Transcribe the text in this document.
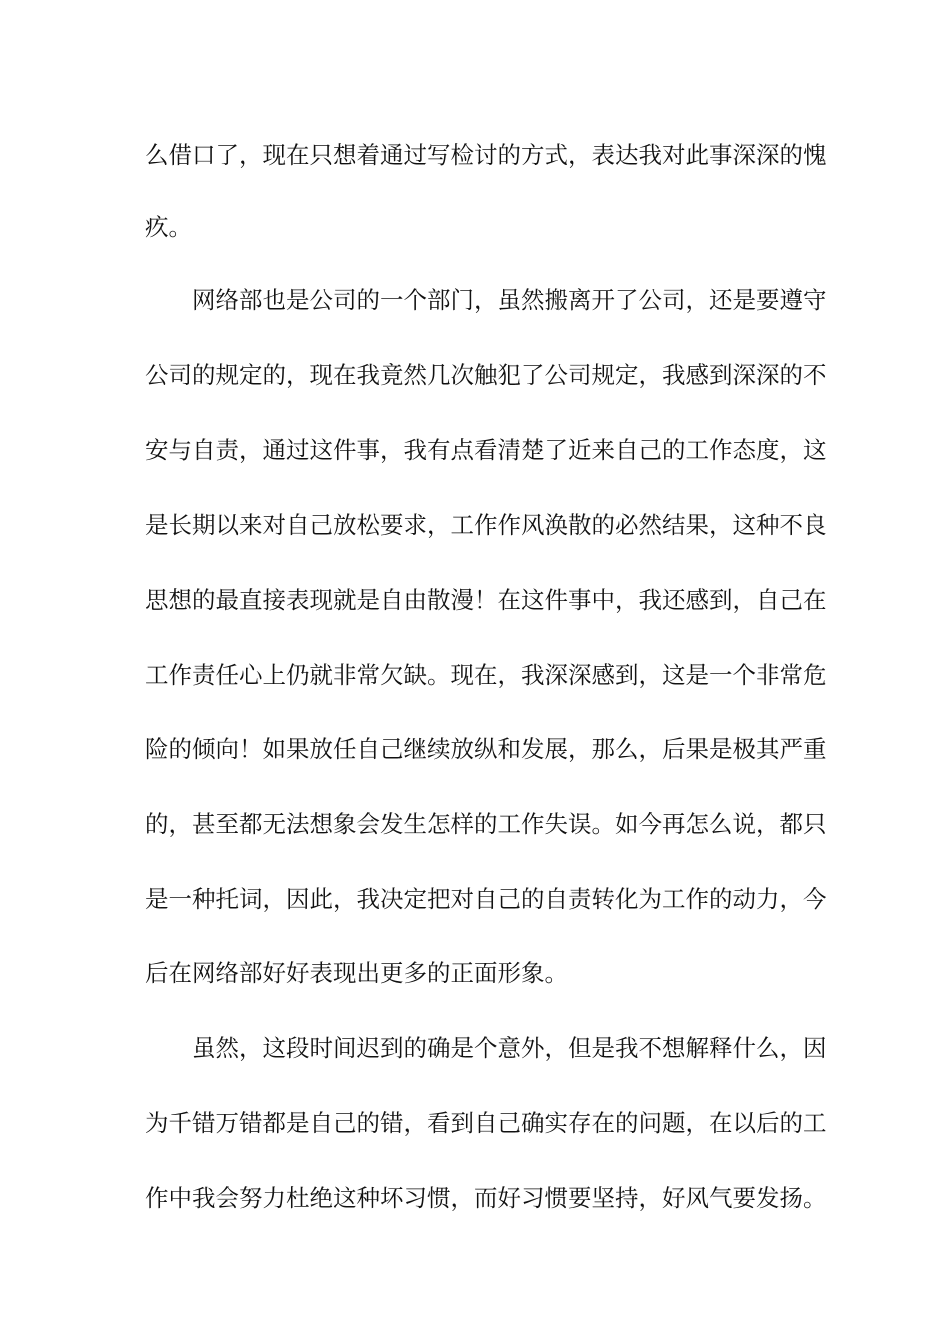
么借口了，现在只想着通过写检讨的方式，表达我对此事深深的愧
疚。
网络部也是公司的一个部门，虽然搬离开了公司，还是要遵守
公司的规定的，现在我竟然几次触犯了公司规定，我感到深深的不
安与自责，通过这件事，我有点看清楚了近来自己的工作态度，这
是长期以来对自己放松要求，工作作风涣散的必然结果，这种不良
思想的最直接表现就是自由散漫！在这件事中，我还感到，自己在
工作责任心上仍就非常欠缺。现在，我深深感到，这是一个非常危
险的倾向！如果放任自己继续放纵和发展，那么，后果是极其严重
的，甚至都无法想象会发生怎样的工作失误。如今再怎么说，都只
是一种托词，因此，我决定把对自己的自责转化为工作的动力，今
后在网络部好好表现出更多的正面形象。
虽然，这段时间迟到的确是个意外，但是我不想解释什么，因
为千错万错都是自己的错，看到自己确实存在的问题，在以后的工
作中我会努力杜绝这种坏习惯，而好习惯要坚持，好风气要发扬。
